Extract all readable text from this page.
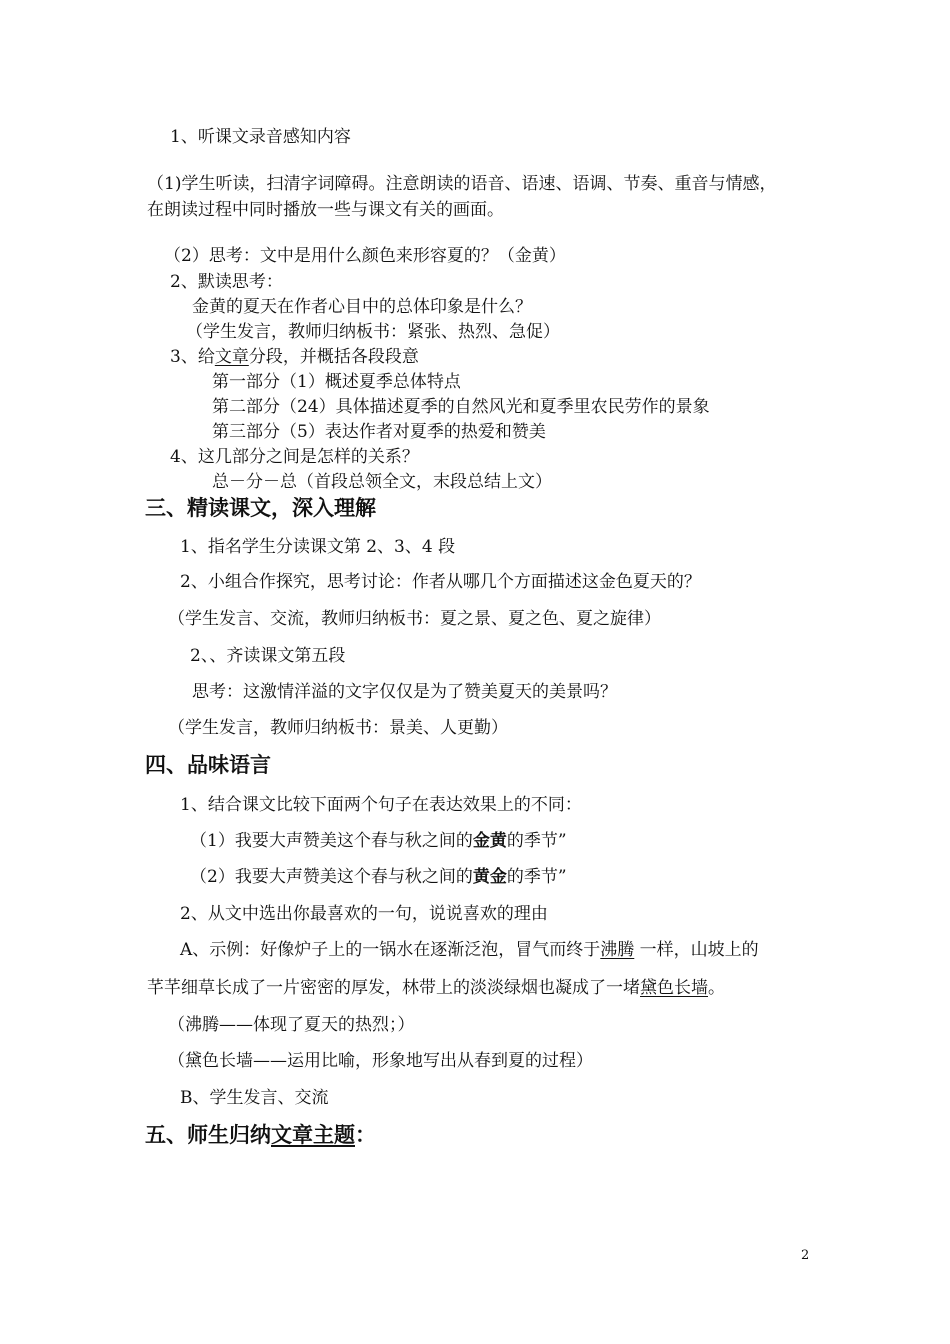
1、听课文录音感知内容
（1)学生听读，扫清字词障碍。注意朗读的语音、语速、语调、节奏、重音与情感，
在朗读过程中同时播放一些与课文有关的画面。
（2）思考：文中是用什么颜色来形容夏的？（金黄）
2、默读思考：
金黄的夏天在作者心目中的总体印象是什么？
（学生发言，教师归纳板书：紧张、热烈、急促）
3、给文章分段，并概括各段段意
第一部分（1）概述夏季总体特点
第二部分（24）具体描述夏季的自然风光和夏季里农民劳作的景象
第三部分（5）表达作者对夏季的热爱和赞美
4、这几部分之间是怎样的关系？
总－分－总（首段总领全文，末段总结上文）
三、精读课文，深入理解
1、指名学生分读课文第 2、3、4 段
2、小组合作探究，思考讨论：作者从哪几个方面描述这金色夏天的？
（学生发言、交流，教师归纳板书：夏之景、夏之色、夏之旋律）
2、、齐读课文第五段
思考：这激情洋溢的文字仅仅是为了赞美夏天的美景吗？
（学生发言，教师归纳板书：景美、人更勤）
四、品味语言
1、结合课文比较下面两个句子在表达效果上的不同：
（1）我要大声赞美这个春与秋之间的金黄的季节”
（2）我要大声赞美这个春与秋之间的黄金的季节”
2、从文中选出你最喜欢的一句，说说喜欢的理由
A、示例：好像炉子上的一锅水在逐渐泛泡，冒气而终于沸腾 一样，山坡上的
芊芊细草长成了一片密密的厚发，林带上的淡淡绿烟也凝成了一堵黛色长墙。
（沸腾——体现了夏天的热烈；）
（黛色长墙——运用比喻，形象地写出从春到夏的过程）
B、学生发言、交流
五、师生归纳文章主题：
2
